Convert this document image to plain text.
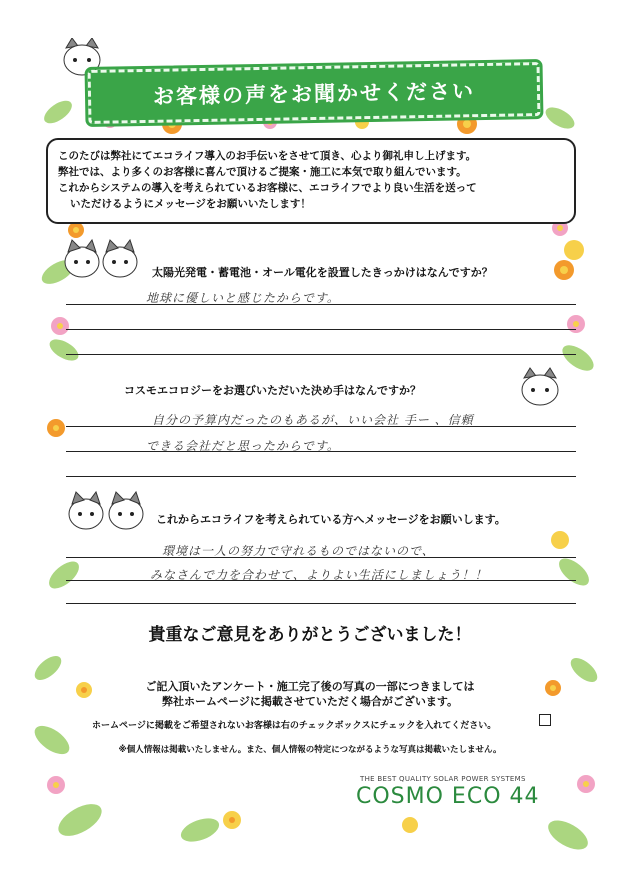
お客様の声をお聞かせください
このたびは弊社にてエコライフ導入のお手伝いをさせて頂き、心より御礼申し上げます。
弊社では、より多くのお客様に喜んで頂けるご提案・施工に本気で取り組んでいます。
これからシステムの導入を考えられているお客様に、エコライフでより良い生活を送って
いただけるようにメッセージをお願いいたします！
太陽光発電・蓄電池・オール電化を設置したきっかけはなんですか？
地球に優しいと感じたからです。
コスモエコロジーをお選びいただいた決め手はなんですか？
自分の予算内だったのもあるが、いい会社 手ー 、信頼
できる会社だと思ったからです。
これからエコライフを考えられている方へメッセージをお願いします。
環境は一人の努力で守れるものではないので、
みなさんで力を合わせて、よりよい生活にしましょう！！
貴重なご意見をありがとうございました！
ご記入頂いたアンケート・施工完了後の写真の一部につきましては
弊社ホームページに掲載させていただく場合がございます。
ホームページに掲載をご希望されないお客様は右のチェックボックスにチェックを入れてください。
※個人情報は掲載いたしません。また、個人情報の特定につながるような写真は掲載いたしません。
THE BEST QUALITY SOLAR POWER SYSTEMS
COSMO ECO 44
